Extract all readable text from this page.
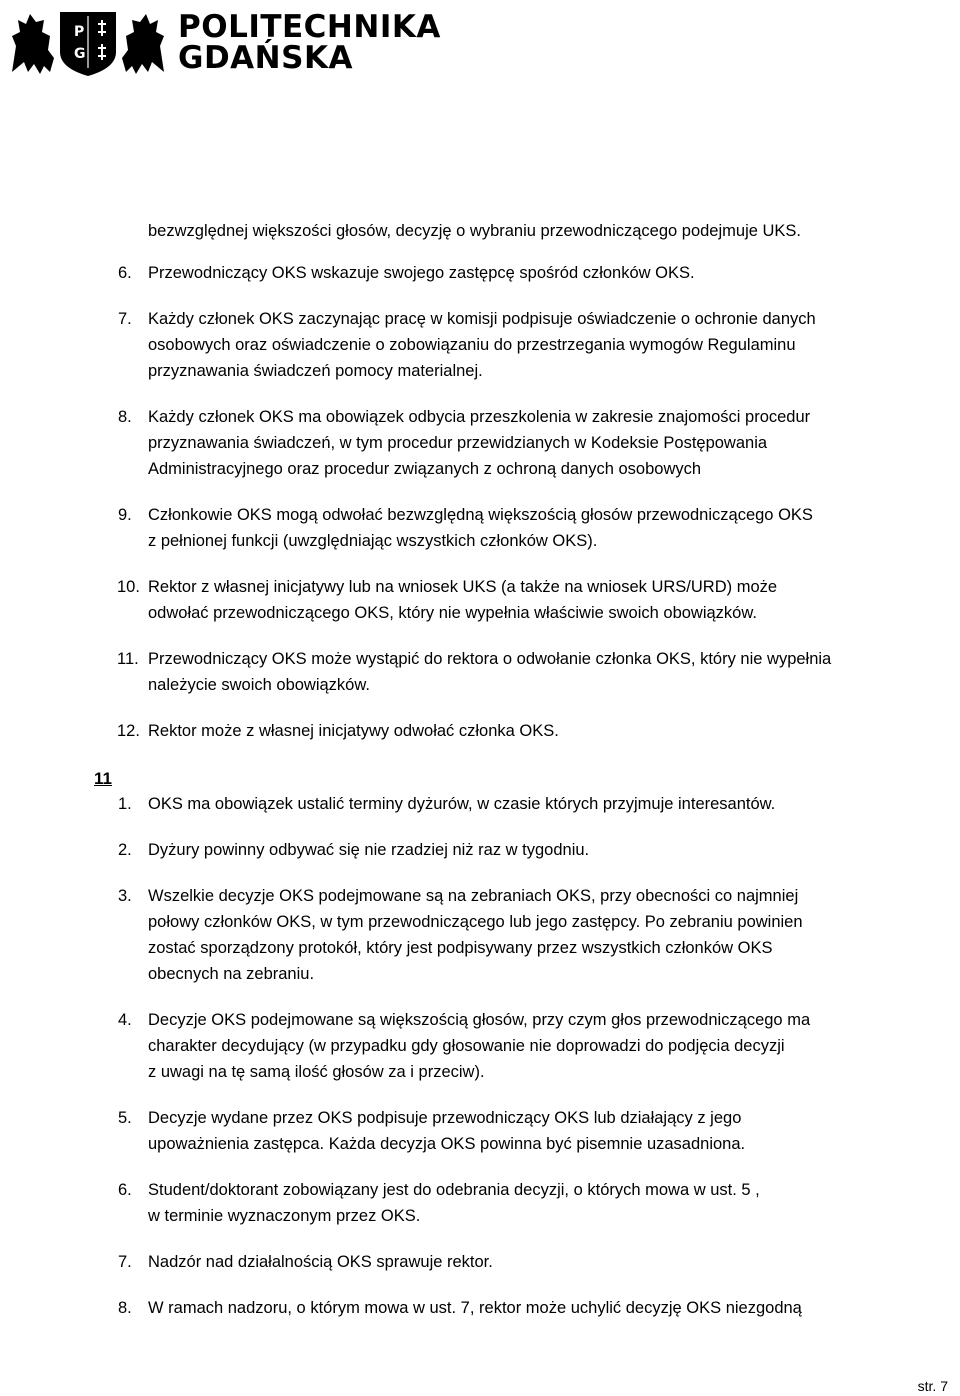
P
G
POLITECHNIKA
GDAŃSKA
bezwzględnej większości głosów, decyzję o wybraniu przewodniczącego podejmuje UKS.
6. Przewodniczący OKS wskazuje swojego zastępcę spośród członków OKS.
7. Każdy członek OKS zaczynając pracę w komisji podpisuje oświadczenie o ochronie danych
osobowych oraz oświadczenie o zobowiązaniu do przestrzegania wymogów Regulaminu
przyznawania świadczeń pomocy materialnej.
8. Każdy członek OKS ma obowiązek odbycia przeszkolenia w zakresie znajomości procedur
przyznawania świadczeń, w tym procedur przewidzianych w Kodeksie Postępowania
Administracyjnego oraz procedur związanych z ochroną danych osobowych
9. Członkowie OKS mogą odwołać bezwzględną większością głosów przewodniczącego OKS
z pełnionej funkcji (uwzględniając wszystkich członków OKS).
10. Rektor z własnej inicjatywy lub na wniosek UKS (a także na wniosek URS/URD) może
odwołać przewodniczącego OKS, który nie wypełnia właściwie swoich obowiązków.
11. Przewodniczący OKS może wystąpić do rektora o odwołanie członka OKS, który nie wypełnia
należycie swoich obowiązków.
12. Rektor może z własnej inicjatywy odwołać członka OKS.
11
1. OKS ma obowiązek ustalić terminy dyżurów, w czasie których przyjmuje interesantów.
2. Dyżury powinny odbywać się nie rzadziej niż raz w tygodniu.
3. Wszelkie decyzje OKS podejmowane są na zebraniach OKS, przy obecności co najmniej
połowy członków OKS, w tym przewodniczącego lub jego zastępcy. Po zebraniu powinien
zostać sporządzony protokół, który jest podpisywany przez wszystkich członków OKS
obecnych na zebraniu.
4. Decyzje OKS podejmowane są większością głosów, przy czym głos przewodniczącego ma
charakter decydujący (w przypadku gdy głosowanie nie doprowadzi do podjęcia decyzji
z uwagi na tę samą ilość głosów za i przeciw).
5. Decyzje wydane przez OKS podpisuje przewodniczący OKS lub działający z jego
upoważnienia zastępca. Każda decyzja OKS powinna być pisemnie uzasadniona.
6. Student/doktorant zobowiązany jest do odebrania decyzji, o których mowa w ust. 5 ,
w terminie wyznaczonym przez OKS.
7. Nadzór nad działalnością OKS sprawuje rektor.
8. W ramach nadzoru, o którym mowa w ust. 7, rektor może uchylić decyzję OKS niezgodną
str. 7
